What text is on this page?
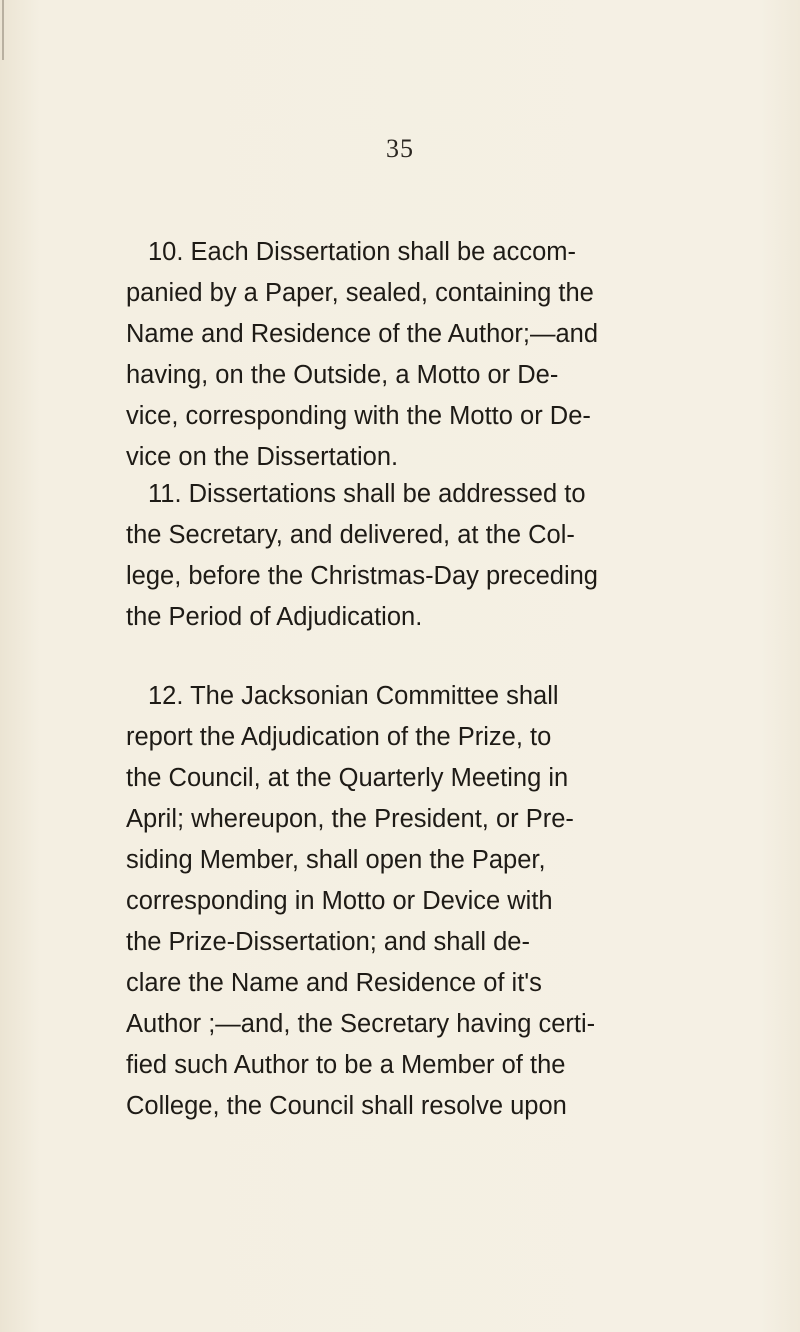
35
10. Each Dissertation shall be accom-
panied by a Paper, sealed, containing the
Name and Residence of the Author;—and
having, on the Outside, a Motto or De-
vice, corresponding with the Motto or De-
vice on the Dissertation.
11. Dissertations shall be addressed to
the Secretary, and delivered, at the Col-
lege, before the Christmas-Day preceding
the Period of Adjudication.
12. The Jacksonian Committee shall
report the Adjudication of the Prize, to
the Council, at the Quarterly Meeting in
April; whereupon, the President, or Pre-
siding Member, shall open the Paper,
corresponding in Motto or Device with
the Prize-Dissertation; and shall de-
clare the Name and Residence of it's
Author ;—and, the Secretary having certi-
fied such Author to be a Member of the
College, the Council shall resolve upon
